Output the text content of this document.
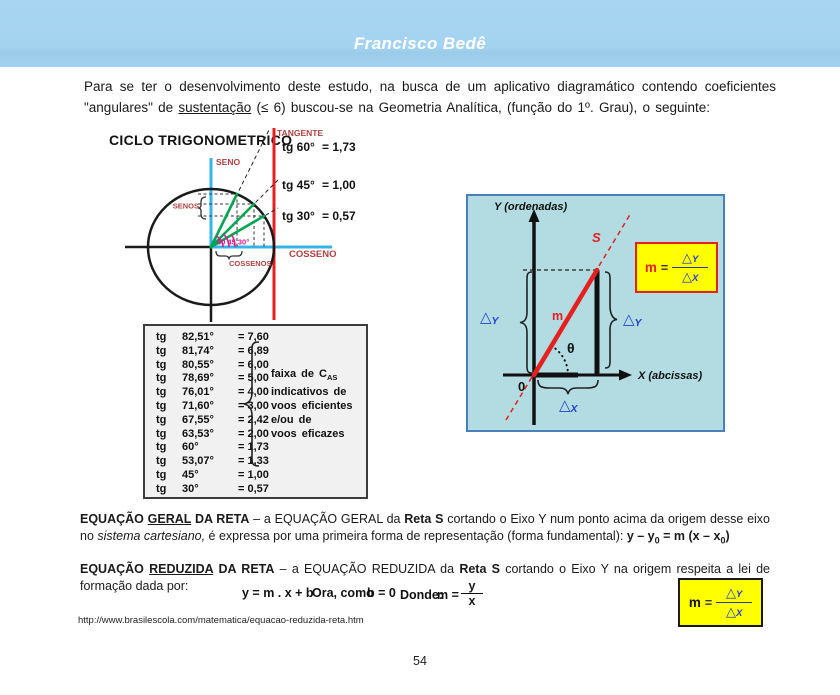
Francisco Bedê
Para se ter o desenvolvimento deste estudo, na busca de um aplicativo diagramático contendo coeficientes "angulares" de sustentação (≤ 6) buscou-se na Geometria Analítica, (função do 1º. Grau), o seguinte:
CICLO TRIGONOMETRICO
60 45 30°
TANGENTE
SENO
SENOS
COSSENO
COSSENOS
tg 60° = 1,73
tg 45° = 1,00
tg 30° = 0,57
tg	82,51°	= 7,60
tg	81,74°	= 6,89
tg	80,55°	= 6,00
tg	78,69°	= 5,00
tg	76,01°	= 4,00
tg	71,60°	= 3,00
tg	67,55°	= 2,42
tg	63,53°	= 2,00
tg	60°	= 1,73
tg	53,07°	= 1,33
tg	45°	= 1,00
tg	30°	= 0,57
faixa de $C_{AS}$
indicativos de
voos eficientes
e/ou de
voos eficazes
Y (ordenadas)
X (abcissas)
S
m
θ
0
△Y	△Y
△X
$m = \frac{\triangle Y}{\triangle X}$
$m = \frac{\triangle Y}{\triangle X}$
EQUAÇÃO GERAL DA RETA – a EQUAÇÃO GERAL da Reta S cortando o Eixo Y num ponto acima da origem desse eixo no sistema cartesiano, é expressa por uma primeira forma de representação (forma fundamental): $y - y_0 = m$ $(x - x_0)$
EQUAÇÃO REDUZIDA DA RETA – a EQUAÇÃO REDUZIDA da Reta S cortando o Eixo Y na origem respeita a lei de formação dada por:	y = m . x + b
Ora, como
b = 0 Donde:
$m = \frac{y}{x}$
http://www.brasilescola.com/matematica/equacao-reduzida-reta.htm
54
